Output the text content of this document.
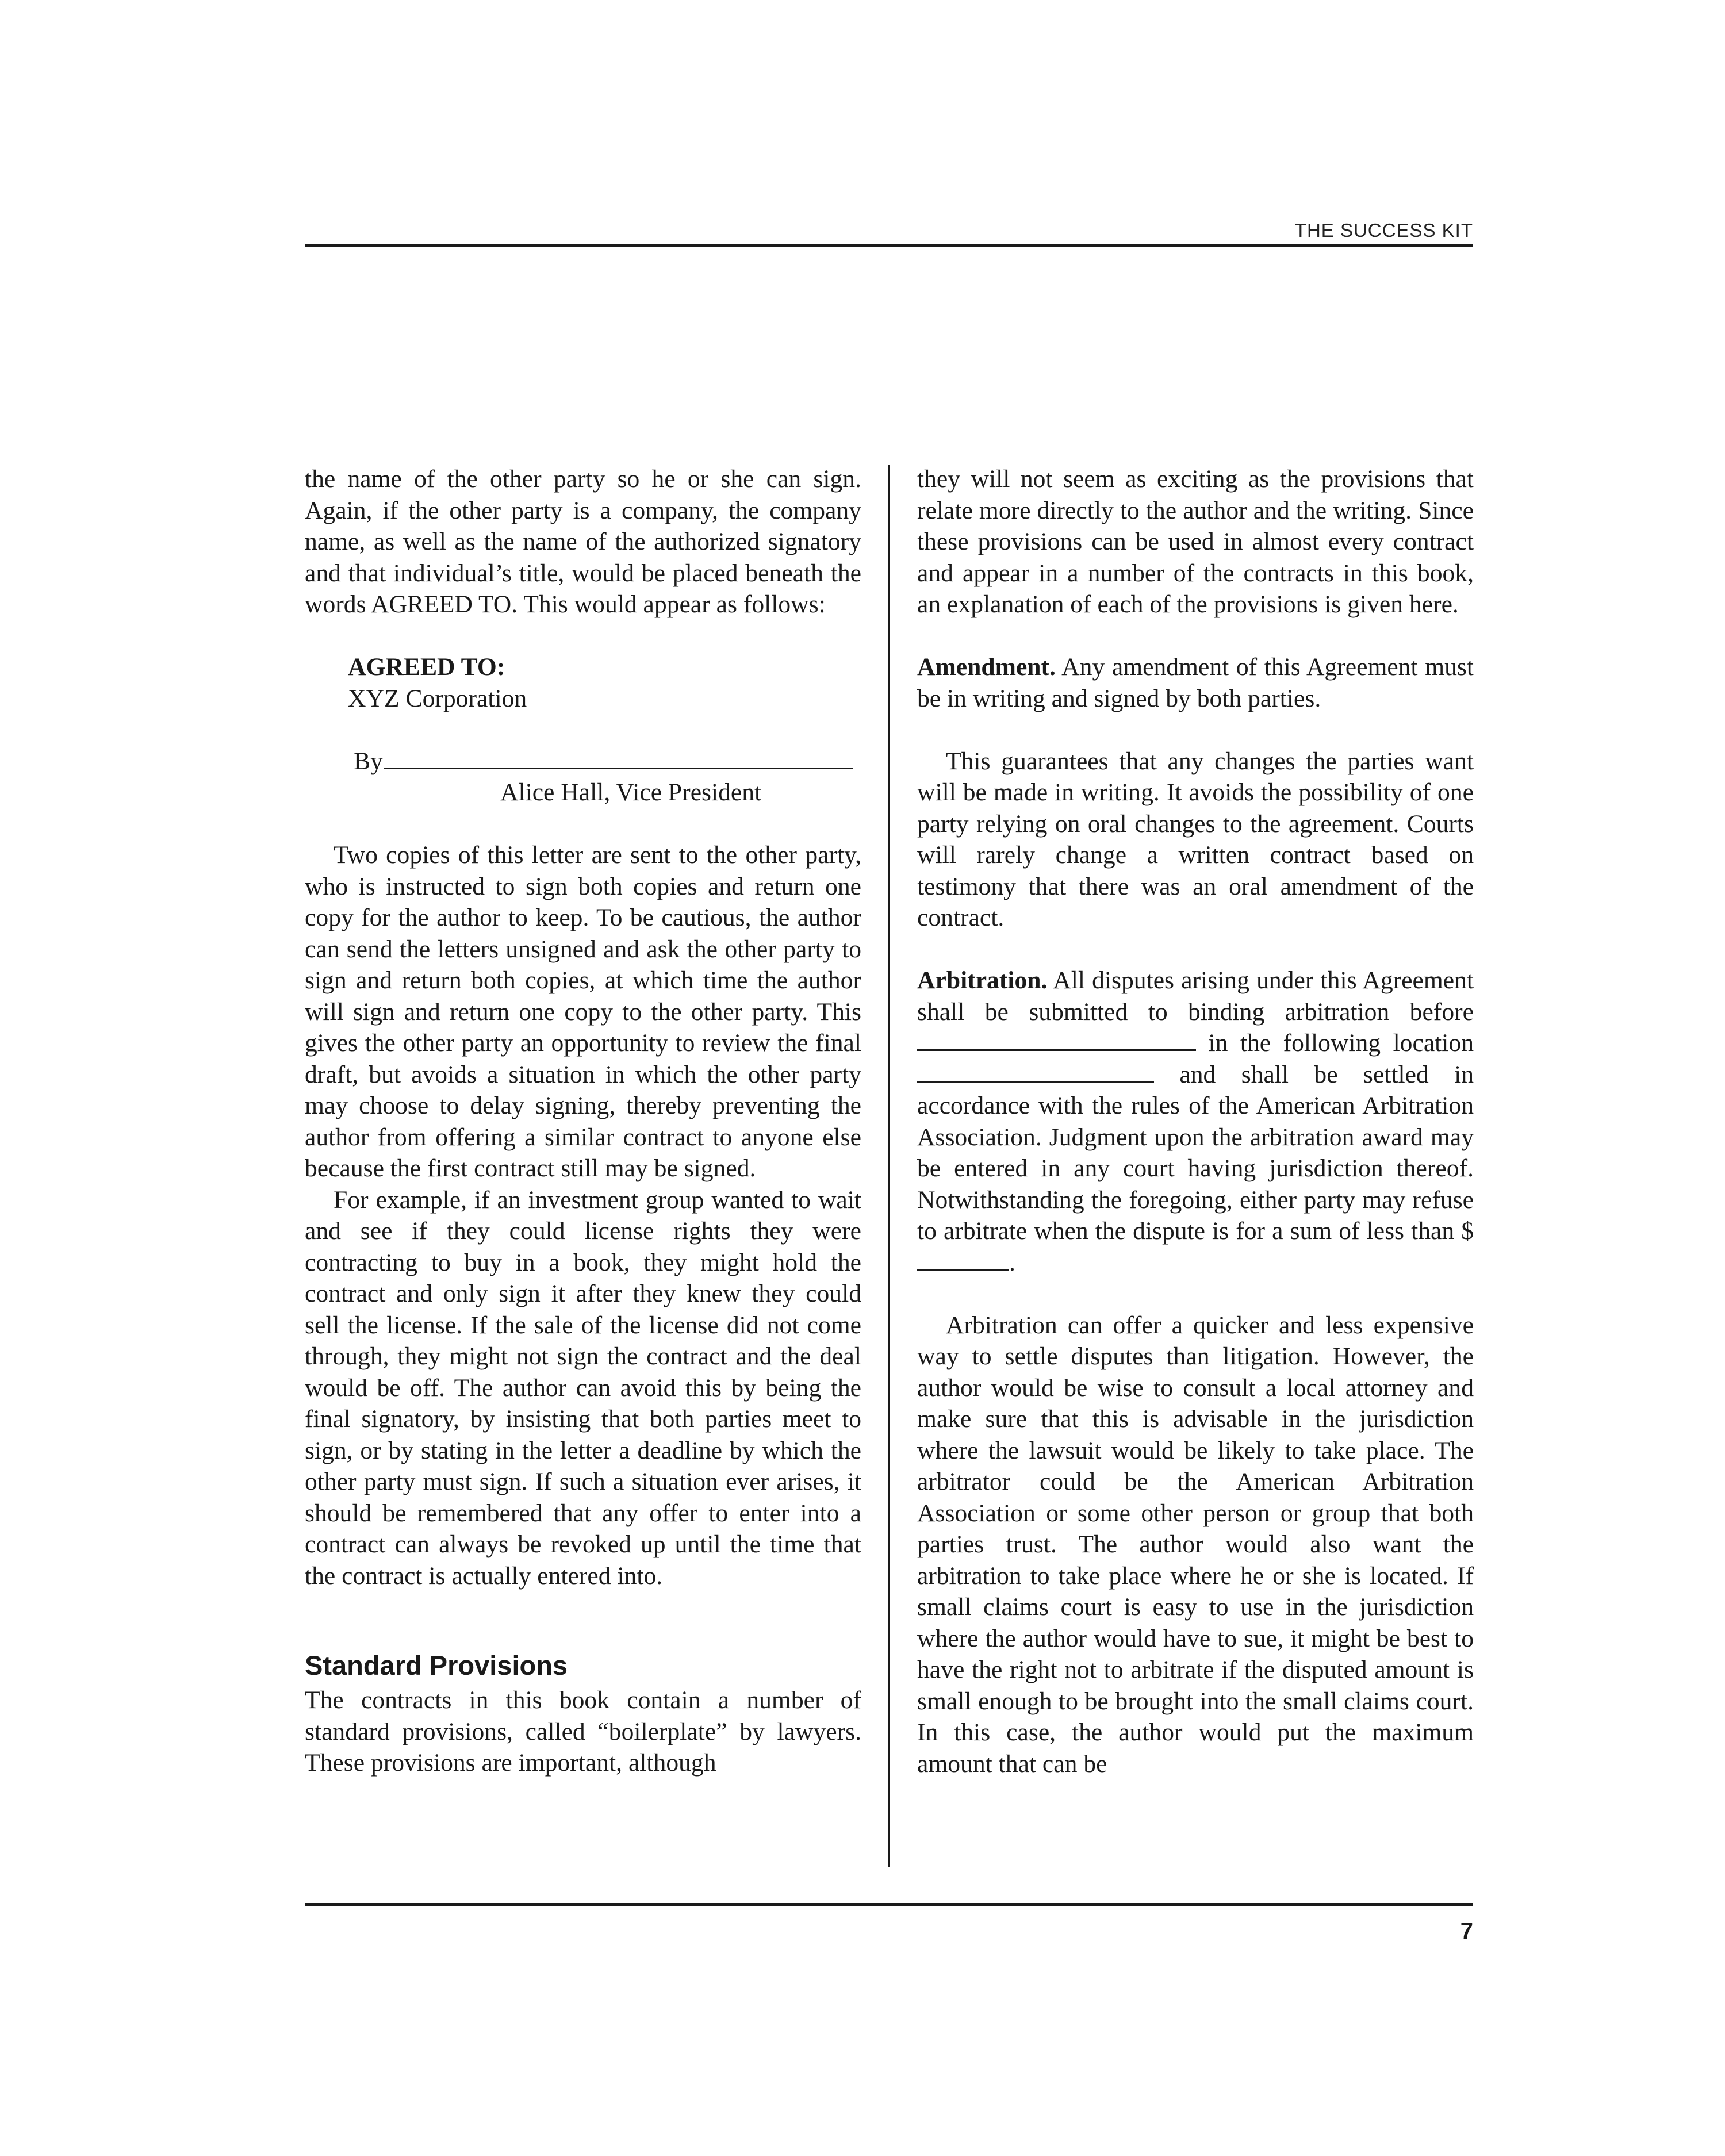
THE SUCCESS KIT

the name of the other party so he or she can sign. Again, if the other party is a company, the company name, as well as the name of the authorized signatory and that individual’s title, would be placed beneath the words AGREED TO. This would appear as follows:

AGREED TO:
XYZ Corporation
By
Alice Hall, Vice President

Two copies of this letter are sent to the other party, who is instructed to sign both copies and return one copy for the author to keep. To be cautious, the author can send the letters unsigned and ask the other party to sign and return both copies, at which time the author will sign and return one copy to the other party. This gives the other party an opportunity to review the final draft, but avoids a situation in which the other party may choose to delay signing, thereby preventing the author from offering a similar contract to anyone else because the first contract still may be signed.

For example, if an investment group wanted to wait and see if they could license rights they were contracting to buy in a book, they might hold the contract and only sign it after they knew they could sell the license. If the sale of the license did not come through, they might not sign the contract and the deal would be off. The author can avoid this by being the final signatory, by insisting that both parties meet to sign, or by stating in the letter a deadline by which the other party must sign. If such a situation ever arises, it should be remembered that any offer to enter into a contract can always be revoked up until the time that the contract is actually entered into.

Standard Provisions

The contracts in this book contain a number of standard provisions, called “boilerplate” by lawyers. These provisions are important, although

they will not seem as exciting as the provisions that relate more directly to the author and the writing. Since these provisions can be used in almost every contract and appear in a number of the contracts in this book, an explanation of each of the provisions is given here.

Amendment. Any amendment of this Agreement must be in writing and signed by both parties.

This guarantees that any changes the parties want will be made in writing. It avoids the possibility of one party relying on oral changes to the agreement. Courts will rarely change a written contract based on testimony that there was an oral amendment of the contract.

Arbitration. All disputes arising under this Agreement shall be submitted to binding arbitration before  in the following location  and shall be settled in accordance with the rules of the American Arbitration Association. Judgment upon the arbitration award may be entered in any court having jurisdiction thereof. Notwithstanding the foregoing, either party may refuse to arbitrate when the dispute is for a sum of less than $.

Arbitration can offer a quicker and less expensive way to settle disputes than litigation. However, the author would be wise to consult a local attorney and make sure that this is advisable in the jurisdiction where the lawsuit would be likely to take place. The arbitrator could be the American Arbitration Association or some other person or group that both parties trust. The author would also want the arbitration to take place where he or she is located. If small claims court is easy to use in the jurisdiction where the author would have to sue, it might be best to have the right not to arbitrate if the disputed amount is small enough to be brought into the small claims court. In this case, the author would put the maximum amount that can be

7
